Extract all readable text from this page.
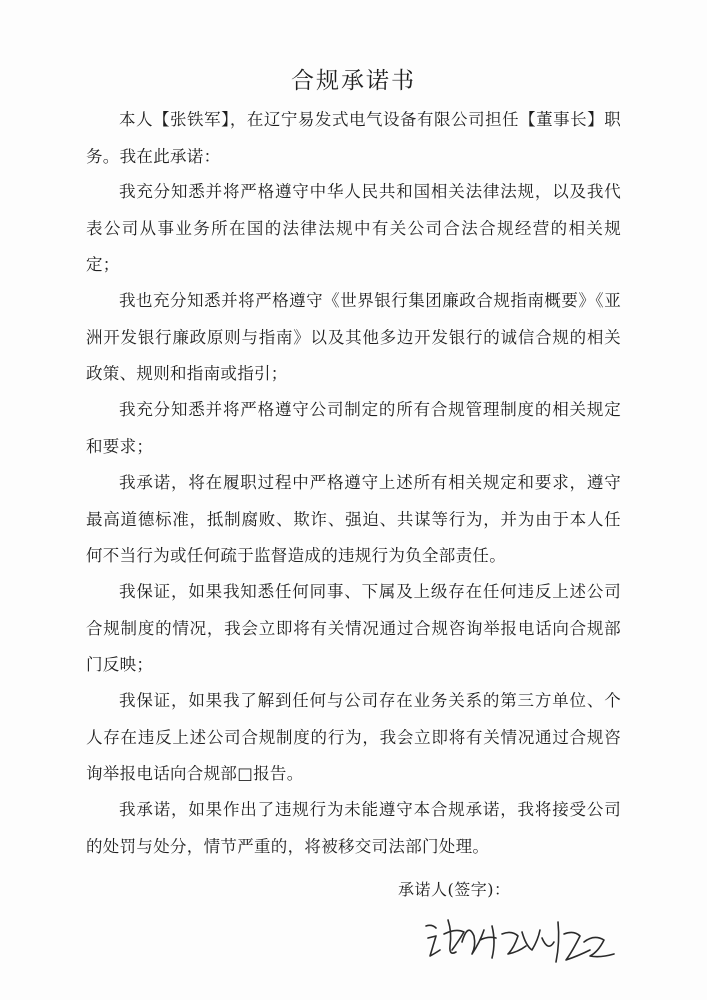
合规承诺书

本人【张铁军】，在辽宁易发式电气设备有限公司担任【董事长】职务。我在此承诺：

我充分知悉并将严格遵守中华人民共和国相关法律法规，以及我代表公司从事业务所在国的法律法规中有关公司合法合规经营的相关规定；

我也充分知悉并将严格遵守《世界银行集团廉政合规指南概要》《亚洲开发银行廉政原则与指南》以及其他多边开发银行的诚信合规的相关政策、规则和指南或指引；

我充分知悉并将严格遵守公司制定的所有合规管理制度的相关规定和要求；

我承诺，将在履职过程中严格遵守上述所有相关规定和要求，遵守最高道德标准，抵制腐败、欺诈、强迫、共谋等行为，并为由于本人任何不当行为或任何疏于监督造成的违规行为负全部责任。

我保证，如果我知悉任何同事、下属及上级存在任何违反上述公司合规制度的情况，我会立即将有关情况通过合规咨询举报电话向合规部门反映；

我保证，如果我了解到任何与公司存在业务关系的第三方单位、个人存在违反上述公司合规制度的行为，我会立即将有关情况通过合规咨询举报电话向合规部□报告。

我承诺，如果作出了违规行为未能遵守本合规承诺，我将接受公司的处罚与处分，情节严重的，将被移交司法部门处理。

承诺人(签字)：
